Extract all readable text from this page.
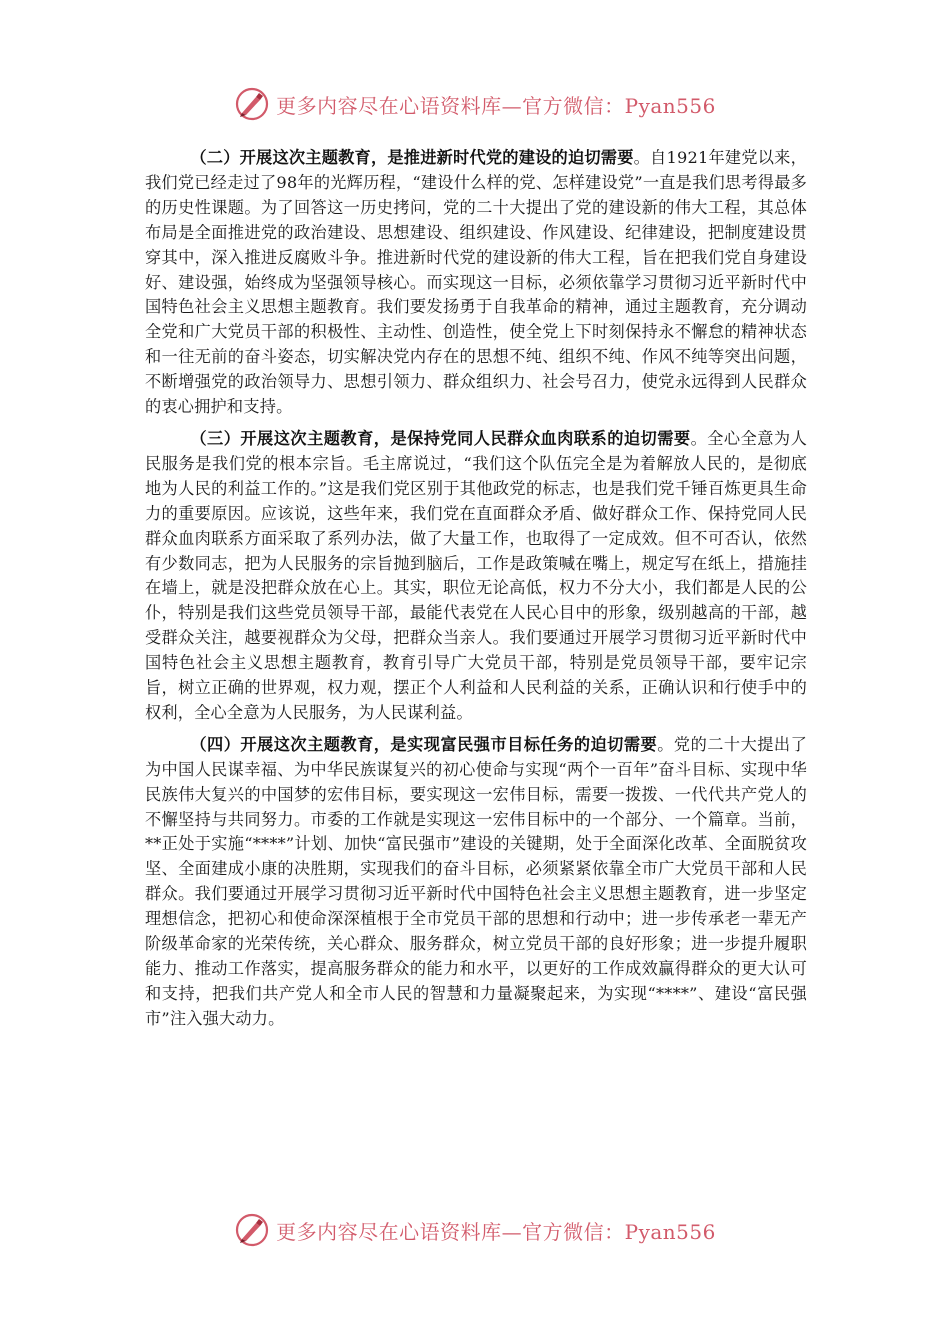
更多内容尽在心语资料库—官方微信：Pyan556

（二）开展这次主题教育，是推进新时代党的建设的迫切需要。自1921年建党以来，我们党已经走过了98年的光辉历程，“建设什么样的党、怎样建设党”一直是我们思考得最多的历史性课题。为了回答这一历史拷问，党的二十大提出了党的建设新的伟大工程，其总体布局是全面推进党的政治建设、思想建设、组织建设、作风建设、纪律建设，把制度建设贯穿其中，深入推进反腐败斗争。推进新时代党的建设新的伟大工程，旨在把我们党自身建设好、建设强，始终成为坚强领导核心。而实现这一目标，必须依靠学习贯彻习近平新时代中国特色社会主义思想主题教育。我们要发扬勇于自我革命的精神，通过主题教育，充分调动全党和广大党员干部的积极性、主动性、创造性，使全党上下时刻保持永不懈怠的精神状态和一往无前的奋斗姿态，切实解决党内存在的思想不纯、组织不纯、作风不纯等突出问题，不断增强党的政治领导力、思想引领力、群众组织力、社会号召力，使党永远得到人民群众的衷心拥护和支持。

（三）开展这次主题教育，是保持党同人民群众血肉联系的迫切需要。全心全意为人民服务是我们党的根本宗旨。毛主席说过，“我们这个队伍完全是为着解放人民的，是彻底地为人民的利益工作的。”这是我们党区别于其他政党的标志，也是我们党千锤百炼更具生命力的重要原因。应该说，这些年来，我们党在直面群众矛盾、做好群众工作、保持党同人民群众血肉联系方面采取了系列办法，做了大量工作，也取得了一定成效。但不可否认，依然有少数同志，把为人民服务的宗旨抛到脑后，工作是政策喊在嘴上，规定写在纸上，措施挂在墙上，就是没把群众放在心上。其实，职位无论高低，权力不分大小，我们都是人民的公仆，特别是我们这些党员领导干部，最能代表党在人民心目中的形象，级别越高的干部，越受群众关注，越要视群众为父母，把群众当亲人。我们要通过开展学习贯彻习近平新时代中国特色社会主义思想主题教育，教育引导广大党员干部，特别是党员领导干部，要牢记宗旨，树立正确的世界观，权力观，摆正个人利益和人民利益的关系，正确认识和行使手中的权利，全心全意为人民服务，为人民谋利益。

（四）开展这次主题教育，是实现富民强市目标任务的迫切需要。党的二十大提出了为中国人民谋幸福、为中华民族谋复兴的初心使命与实现“两个一百年”奋斗目标、实现中华民族伟大复兴的中国梦的宏伟目标，要实现这一宏伟目标，需要一拨拨、一代代共产党人的不懈坚持与共同努力。市委的工作就是实现这一宏伟目标中的一个部分、一个篇章。当前，**正处于实施“****”计划、加快“富民强市”建设的关键期，处于全面深化改革、全面脱贫攻坚、全面建成小康的决胜期，实现我们的奋斗目标，必须紧紧依靠全市广大党员干部和人民群众。我们要通过开展学习贯彻习近平新时代中国特色社会主义思想主题教育，进一步坚定理想信念，把初心和使命深深植根于全市党员干部的思想和行动中；进一步传承老一辈无产阶级革命家的光荣传统，关心群众、服务群众，树立党员干部的良好形象；进一步提升履职能力、推动工作落实，提高服务群众的能力和水平，以更好的工作成效赢得群众的更大认可和支持，把我们共产党人和全市人民的智慧和力量凝聚起来，为实现“****”、建设“富民强市”注入强大动力。

更多内容尽在心语资料库—官方微信：Pyan556
